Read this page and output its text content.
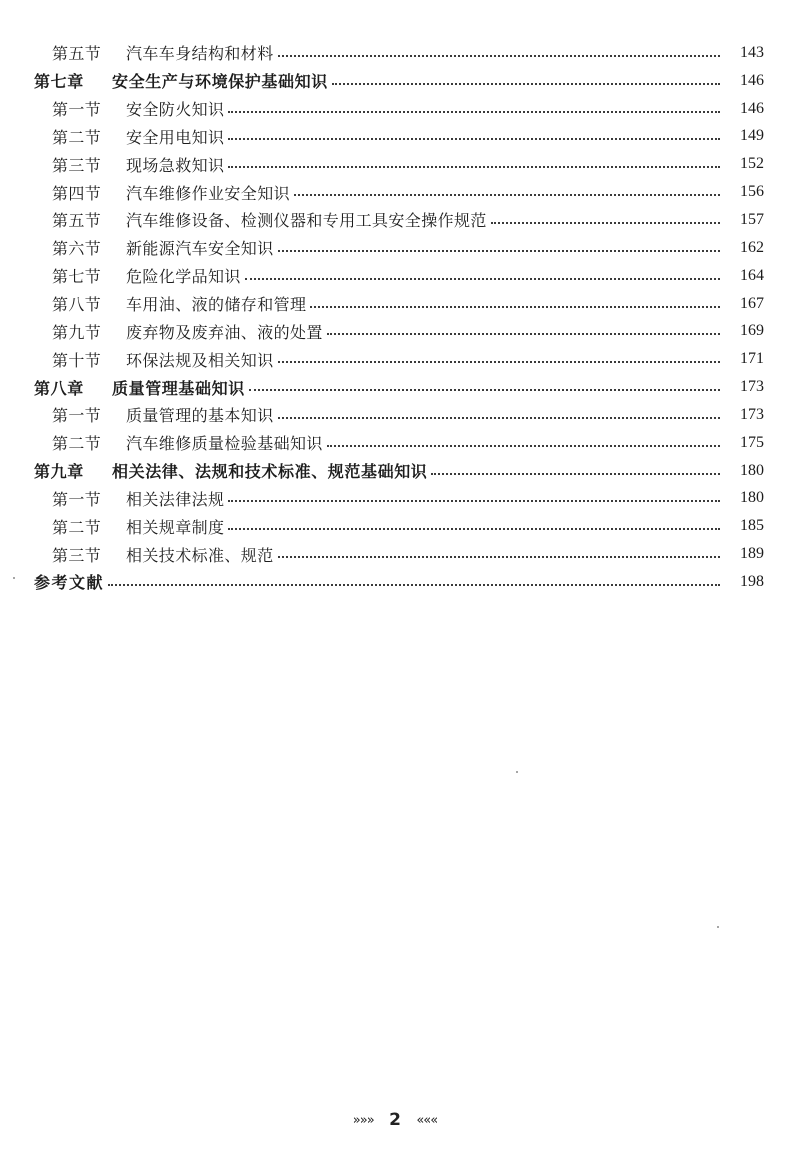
第五节	汽车车身结构和材料	143
第七章	安全生产与环境保护基础知识	146
第一节	安全防火知识	146
第二节	安全用电知识	149
第三节	现场急救知识	152
第四节	汽车维修作业安全知识	156
第五节	汽车维修设备、检测仪器和专用工具安全操作规范	157
第六节	新能源汽车安全知识	162
第七节	危险化学品知识	164
第八节	车用油、液的储存和管理	167
第九节	废弃物及废弃油、液的处置	169
第十节	环保法规及相关知识	171
第八章	质量管理基础知识	173
第一节	质量管理的基本知识	173
第二节	汽车维修质量检验基础知识	175
第九章	相关法律、法规和技术标准、规范基础知识	180
第一节	相关法律法规	180
第二节	相关规章制度	185
第三节	相关技术标准、规范	189
参考文献	198
»»» 2 «««
